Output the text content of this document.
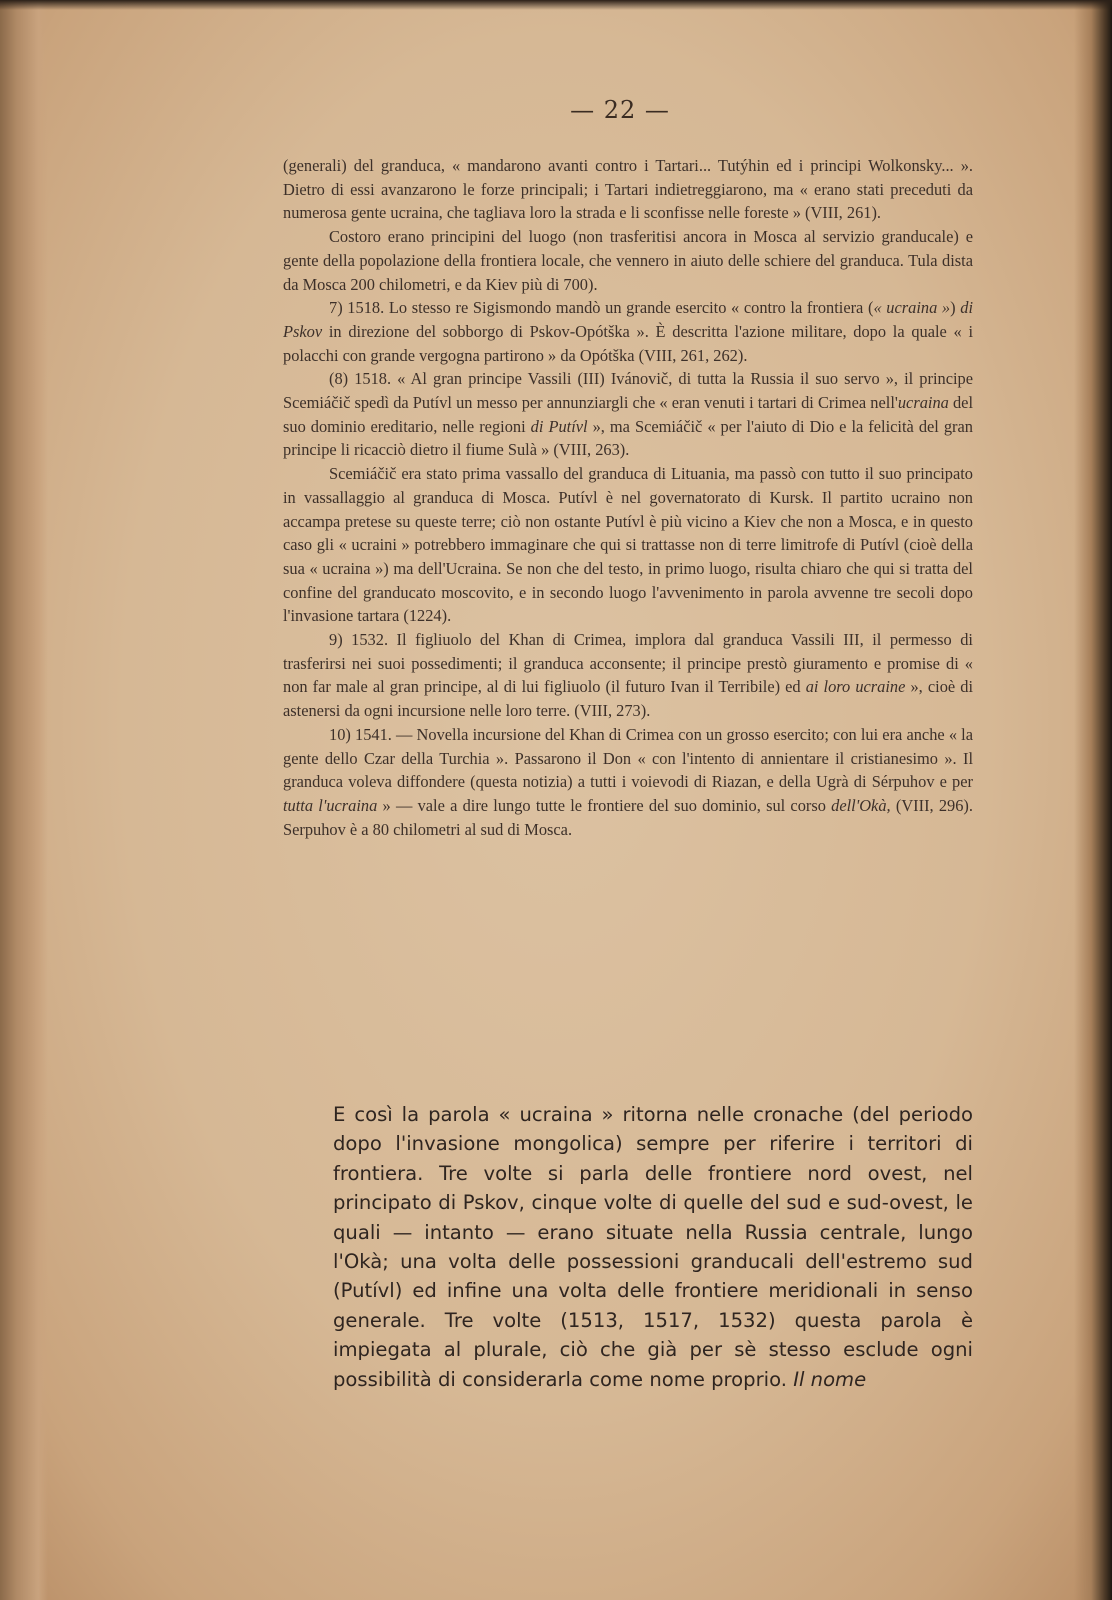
— 22 —

(generali) del granduca, « mandarono avanti contro i Tartari... Tutýhin ed i principi Wolkonsky... ». Dietro di essi avanzarono le forze principali; i Tartari indietreggiarono, ma « erano stati preceduti da numerosa gente ucraina, che tagliava loro la strada e li sconfisse nelle foreste » (VIII, 261).

Costoro erano principini del luogo (non trasferitisi ancora in Mosca al servizio granducale) e gente della popolazione della frontiera locale, che vennero in aiuto delle schiere del granduca. Tula dista da Mosca 200 chilometri, e da Kiev più di 700).

7) 1518. Lo stesso re Sigismondo mandò un grande esercito « contro la frontiera (« ucraina ») di Pskov in direzione del sobborgo di Pskov-Opótška ». È descritta l'azione militare, dopo la quale « i polacchi con grande vergogna partirono » da Opótška (VIII, 261, 262).

(8) 1518. « Al gran principe Vassili (III) Ivánovič, di tutta la Russia il suo servo », il principe Scemiáčič spedì da Putívl un messo per annunziargli che « eran venuti i tartari di Crimea nell'ucraina del suo dominio ereditario, nelle regioni di Putívl », ma Scemiáčič « per l'aiuto di Dio e la felicità del gran principe li ricacciò dietro il fiume Sulà » (VIII, 263).

Scemiáčič era stato prima vassallo del granduca di Lituania, ma passò con tutto il suo principato in vassallaggio al granduca di Mosca. Putívl è nel governatorato di Kursk. Il partito ucraino non accampa pretese su queste terre; ciò non ostante Putívl è più vicino a Kiev che non a Mosca, e in questo caso gli « ucraini » potrebbero immaginare che qui si trattasse non di terre limitrofe di Putívl (cioè della sua « ucraina ») ma dell'Ucraina. Se non che del testo, in primo luogo, risulta chiaro che qui si tratta del confine del granducato moscovito, e in secondo luogo l'avvenimento in parola avvenne tre secoli dopo l'invasione tartara (1224).

9) 1532. Il figliuolo del Khan di Crimea, implora dal granduca Vassili III, il permesso di trasferirsi nei suoi possedimenti; il granduca acconsente; il principe prestò giuramento e promise di « non far male al gran principe, al di lui figliuolo (il futuro Ivan il Terribile) ed ai loro ucraine », cioè di astenersi da ogni incursione nelle loro terre. (VIII, 273).

10) 1541. — Novella incursione del Khan di Crimea con un grosso esercito; con lui era anche « la gente dello Czar della Turchia ». Passarono il Don « con l'intento di annientare il cristianesimo ». Il granduca voleva diffondere (questa notizia) a tutti i voievodi di Riazan, e della Ugrà di Sérpuhov e per tutta l'ucraina » — vale a dire lungo tutte le frontiere del suo dominio, sul corso dell'Okà, (VIII, 296). Serpuhov è a 80 chilometri al sud di Mosca.

E così la parola « ucraina » ritorna nelle cronache (del periodo dopo l'invasione mongolica) sempre per riferire i territori di frontiera. Tre volte si parla delle frontiere nord ovest, nel principato di Pskov, cinque volte di quelle del sud e sud-ovest, le quali — intanto — erano situate nella Russia centrale, lungo l'Okà; una volta delle possessioni granducali dell'estremo sud (Putívl) ed infine una volta delle frontiere meridionali in senso generale. Tre volte (1513, 1517, 1532) questa parola è impiegata al plurale, ciò che già per sè stesso esclude ogni possibilità di considerarla come nome proprio. Il nome
